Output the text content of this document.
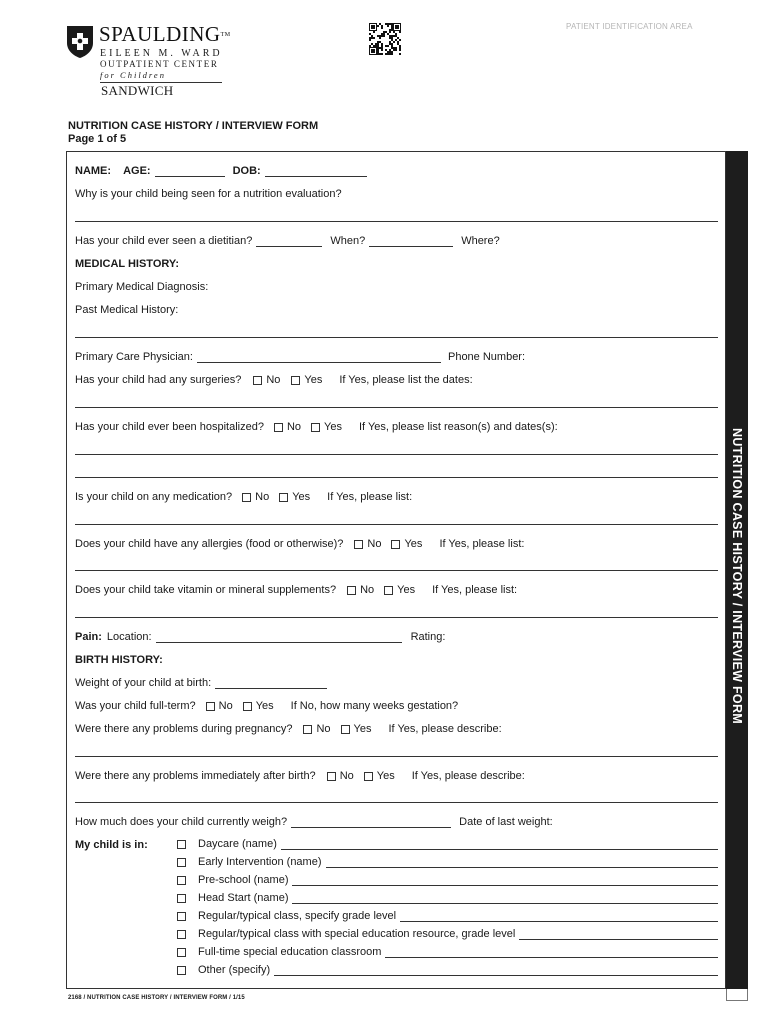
SPAULDING™
EILEEN M. WARD
OUTPATIENT CENTER
for Children
SANDWICH
PATIENT IDENTIFICATION AREA
NUTRITION CASE HISTORY / INTERVIEW FORM
Page 1 of 5
NUTRITION CASE HISTORY / INTERVIEW FORM
NAME: AGE:	DOB:
Why is your child being seen for a nutrition evaluation?
Has your child ever seen a dietitian?	When?	Where?
MEDICAL HISTORY:
Primary Medical Diagnosis:
Past Medical History:
Primary Care Physician:	Phone Number:
Has your child had any surgeries? No Yes If Yes, please list the dates:
Has your child ever been hospitalized? No Yes If Yes, please list reason(s) and dates(s):
Is your child on any medication? No Yes If Yes, please list:
Does your child have any allergies (food or otherwise)? No Yes If Yes, please list:
Does your child take vitamin or mineral supplements? No Yes If Yes, please list:
Pain: Location:	Rating:
BIRTH HISTORY:
Weight of your child at birth:
Was your child full-term? No Yes If No, how many weeks gestation?
Were there any problems during pregnancy? No Yes If Yes, please describe:
Were there any problems immediately after birth? No Yes If Yes, please describe:
How much does your child currently weigh?	Date of last weight:
My child is in:	Daycare (name)
Early Intervention (name)
Pre-school (name)
Head Start (name)
Regular/typical class, specify grade level
Regular/typical class with special education resource, grade level
Full-time special education classroom
Other (specify)
2168 / NUTRITION CASE HISTORY / INTERVIEW FORM / 1/15
